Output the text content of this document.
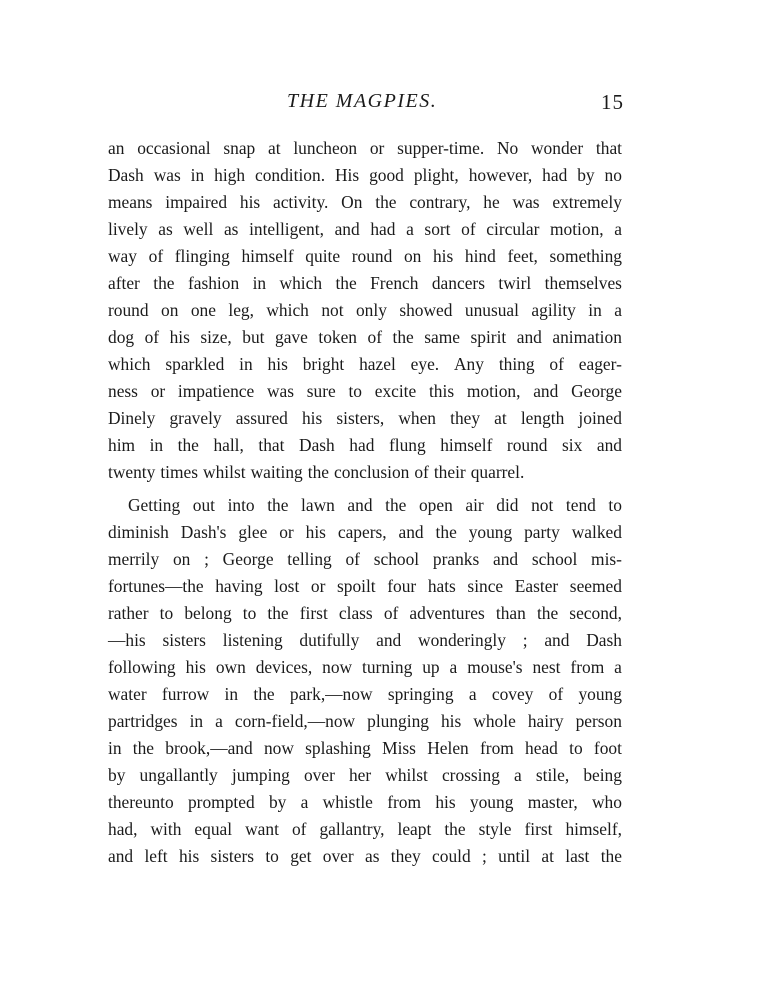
THE MAGPIES.	15
an occasional snap at luncheon or supper-time. No wonder that
Dash was in high condition. His good plight, however, had by no
means impaired his activity. On the contrary, he was extremely
lively as well as intelligent, and had a sort of circular motion, a
way of flinging himself quite round on his hind feet, something
after the fashion in which the French dancers twirl themselves
round on one leg, which not only showed unusual agility in a
dog of his size, but gave token of the same spirit and animation
which sparkled in his bright hazel eye. Any thing of eager-
ness or impatience was sure to excite this motion, and George
Dinely gravely assured his sisters, when they at length joined
him in the hall, that Dash had flung himself round six and
twenty times whilst waiting the conclusion of their quarrel.
Getting out into the lawn and the open air did not tend to
diminish Dash's glee or his capers, and the young party walked
merrily on ; George telling of school pranks and school mis-
fortunes—the having lost or spoilt four hats since Easter seemed
rather to belong to the first class of adventures than the second,
—his sisters listening dutifully and wonderingly ; and Dash
following his own devices, now turning up a mouse's nest from a
water furrow in the park,—now springing a covey of young
partridges in a corn-field,—now plunging his whole hairy person
in the brook,—and now splashing Miss Helen from head to foot
by ungallantly jumping over her whilst crossing a stile, being
thereunto prompted by a whistle from his young master, who
had, with equal want of gallantry, leapt the style first himself,
and left his sisters to get over as they could ; until at last the
